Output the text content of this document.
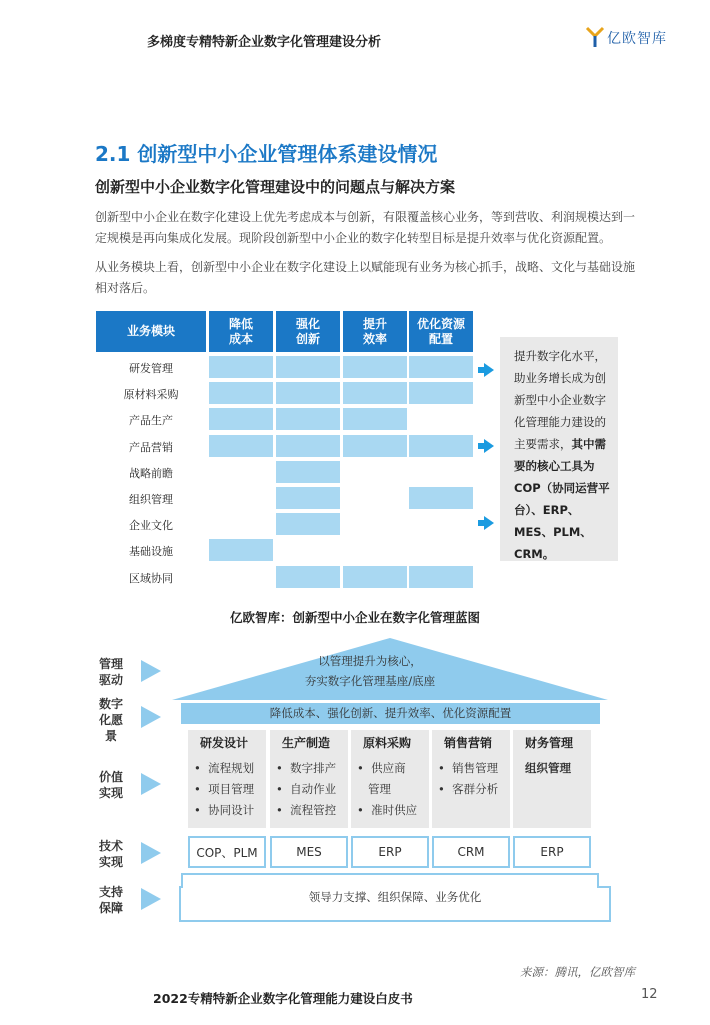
多梯度专精特新企业数字化管理建设分析	亿欧智库
2.1 创新型中小企业管理体系建设情况
创新型中小企业数字化管理建设中的问题点与解决方案
创新型中小企业在数字化建设上优先考虑成本与创新，有限覆盖核心业务，等到营收、利润规模达到一定规模是再向集成化发展。现阶段创新型中小企业的数字化转型目标是提升效率与优化资源配置。
从业务模块上看，创新型中小企业在数字化建设上以赋能现有业务为核心抓手，战略、文化与基础设施相对落后。
业务模块
降低
成本
强化
创新
提升
效率
优化资源
配置
研发管理
原材料采购
产品生产
产品营销
战略前瞻
组织管理
企业文化
基础设施
区域协同
提升数字化水平，助业务增长成为创新型中小企业数字化管理能力建设的主要需求，其中需要的核心工具为COP（协同运营平台）、ERP、MES、PLM、CRM。
亿欧智库：创新型中小企业在数字化管理蓝图
管理
驱动
数字
化愿
景
价值
实现
技术
实现
支持
保障
以管理提升为核心，
夯实数字化管理基座/底座
降低成本、强化创新、提升效率、优化资源配置
研发设计
•  流程规划
•  项目管理
•  协同设计
COP、PLM
生产制造
•  数字排产
•  自动作业
•  流程管控
MES
原料采购
•  供应商
管理
•  准时供应
ERP
销售营销
•  销售管理
•  客群分析
CRM
财务管理
组织管理
ERP
领导力支撑、组织保障、业务优化
来源：腾讯，亿欧智库
2022专精特新企业数字化管理能力建设白皮书	12
